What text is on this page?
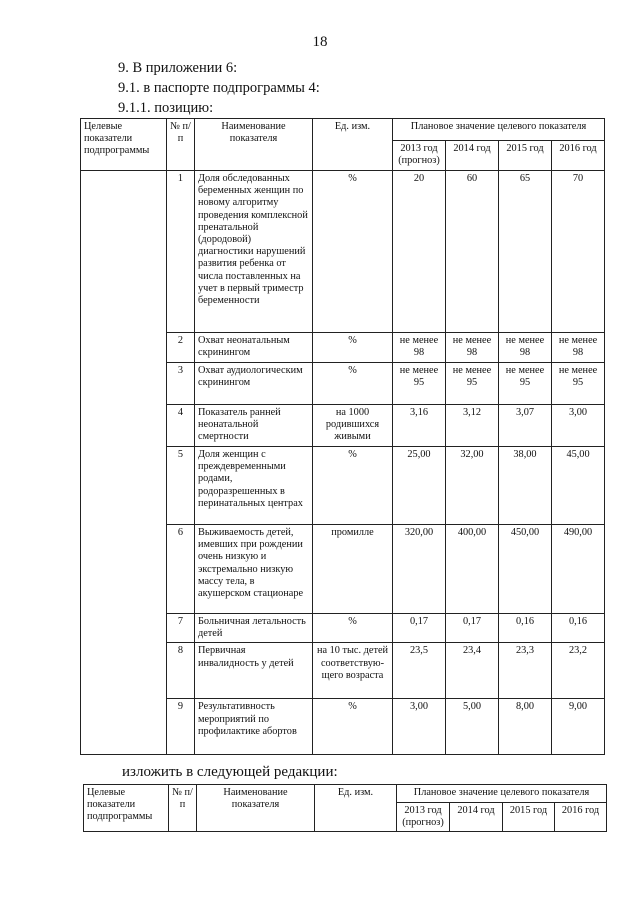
18
9. В приложении 6:
9.1. в паспорте подпрограммы 4:
9.1.1. позицию:
Целевые показатели подпрограммы	№ п/п	Наименование показателя	Ед. изм.	Плановое значение целевого показателя			
				2013 год (прогноз)	2014 год	2015 год	2016 год
	1	Доля обследованных беременных женщин по новому алгоритму проведения комплексной пренатальной (дородовой) диагностики нарушений развития ребенка от числа поставленных на учет в первый триместр беременности	%	20	60	65	70
	2	Охват неонатальным скринингом	%	не менее 98	не менее 98	не менее 98	не менее 98
	3	Охват аудиологическим скринингом	%	не менее 95	не менее 95	не менее 95	не менее 95
	4	Показатель ранней неонатальной смертности	на 1000 родившихся живыми	3,16	3,12	3,07	3,00
	5	Доля женщин с преждевременными родами, родоразрешенных в перинатальных центрах	%	25,00	32,00	38,00	45,00
	6	Выживаемость детей, имевших при рождении очень низкую и экстремально низкую массу тела, в акушерском стационаре	промилле	320,00	400,00	450,00	490,00
	7	Больничная летальность детей	%	0,17	0,17	0,16	0,16
	8	Первичная инвалидность у детей	на 10 тыс. детей соответствую-щего возраста	23,5	23,4	23,3	23,2
	9	Результативность мероприятий по профилактике абортов	%	3,00	5,00	8,00	9,00
изложить в следующей редакции:
Целевые показатели подпрограммы	№ п/п	Наименование показателя	Ед. изм.	Плановое значение целевого показателя			
				2013 год (прогноз)	2014 год	2015 год	2016 год
